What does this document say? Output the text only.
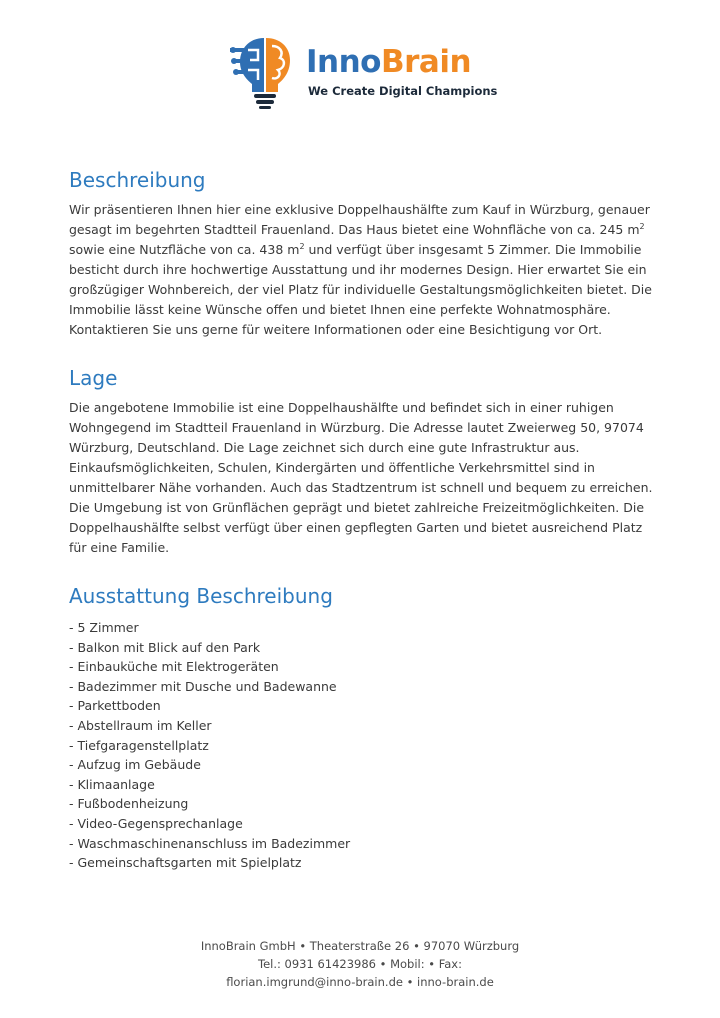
InnoBrain
We Create Digital Champions
Beschreibung

Wir präsentieren Ihnen hier eine exklusive Doppelhaushälfte zum Kauf in Würzburg, genauer gesagt im begehrten Stadtteil Frauenland. Das Haus bietet eine Wohnfläche von ca. 245 $m^2$ sowie eine Nutzfläche von ca. 438 $m^2$ und verfügt über insgesamt 5 Zimmer. Die Immobilie besticht durch ihre hochwertige Ausstattung und ihr modernes Design. Hier erwartet Sie ein großzügiger Wohnbereich, der viel Platz für individuelle Gestaltungsmöglichkeiten bietet. Die Immobilie lässt keine Wünsche offen und bietet Ihnen eine perfekte Wohnatmosphäre. Kontaktieren Sie uns gerne für weitere Informationen oder eine Besichtigung vor Ort.

Lage

Die angebotene Immobilie ist eine Doppelhaushälfte und befindet sich in einer ruhigen Wohngegend im Stadtteil Frauenland in Würzburg. Die Adresse lautet Zweierweg 50, 97074 Würzburg, Deutschland. Die Lage zeichnet sich durch eine gute Infrastruktur aus. Einkaufsmöglichkeiten, Schulen, Kindergärten und öffentliche Verkehrsmittel sind in unmittelbarer Nähe vorhanden. Auch das Stadtzentrum ist schnell und bequem zu erreichen. Die Umgebung ist von Grünflächen geprägt und bietet zahlreiche Freizeitmöglichkeiten. Die Doppelhaushälfte selbst verfügt über einen gepflegten Garten und bietet ausreichend Platz für eine Familie.

Ausstattung Beschreibung
- 5 Zimmer
- Balkon mit Blick auf den Park
- Einbauküche mit Elektrogeräten
- Badezimmer mit Dusche und Badewanne
- Parkettboden
- Abstellraum im Keller
- Tiefgaragenstellplatz
- Aufzug im Gebäude
- Klimaanlage
- Fußbodenheizung
- Video-Gegensprechanlage
- Waschmaschinenanschluss im Badezimmer
- Gemeinschaftsgarten mit Spielplatz
InnoBrain GmbH • Theaterstraße 26 • 97070 Würzburg
Tel.: 0931 61423986 • Mobil: • Fax:
florian.imgrund@inno-brain.de • inno-brain.de
